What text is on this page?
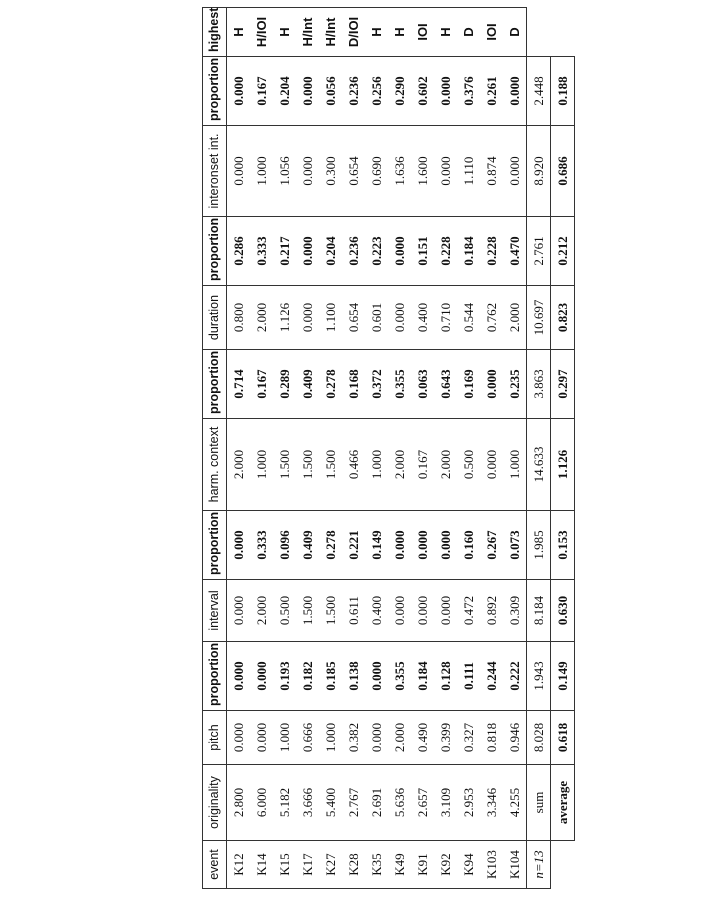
event	originality	pitch	proportion	interval	proportion	harm. context	proportion	duration	proportion	interonset int.	proportion	highest
K12	2.800	0.000	0.000	0.000	0.000	2.000	0.714	0.800	0.286	0.000	0.000	H
K14	6.000	0.000	0.000	2.000	0.333	1.000	0.167	2.000	0.333	1.000	0.167	H/IOI
K15	5.182	1.000	0.193	0.500	0.096	1.500	0.289	1.126	0.217	1.056	0.204	H
K17	3.666	0.666	0.182	1.500	0.409	1.500	0.409	0.000	0.000	0.000	0.000	H/Int
K27	5.400	1.000	0.185	1.500	0.278	1.500	0.278	1.100	0.204	0.300	0.056	H/Int
K28	2.767	0.382	0.138	0.611	0.221	0.466	0.168	0.654	0.236	0.654	0.236	D/IOI
K35	2.691	0.000	0.000	0.400	0.149	1.000	0.372	0.601	0.223	0.690	0.256	H
K49	5.636	2.000	0.355	0.000	0.000	2.000	0.355	0.000	0.000	1.636	0.290	H
K91	2.657	0.490	0.184	0.000	0.000	0.167	0.063	0.400	0.151	1.600	0.602	IOI
K92	3.109	0.399	0.128	0.000	0.000	2.000	0.643	0.710	0.228	0.000	0.000	H
K94	2.953	0.327	0.111	0.472	0.160	0.500	0.169	0.544	0.184	1.110	0.376	D
K103	3.346	0.818	0.244	0.892	0.267	0.000	0.000	0.762	0.228	0.874	0.261	IOI
K104	4.255	0.946	0.222	0.309	0.073	1.000	0.235	2.000	0.470	0.000	0.000	D
n=13	sum	8.028	1.943	8.184	1.985	14.633	3.863	10.697	2.761	8.920	2.448	
	average	0.618	0.149	0.630	0.153	1.126	0.297	0.823	0.212	0.686	0.188	
